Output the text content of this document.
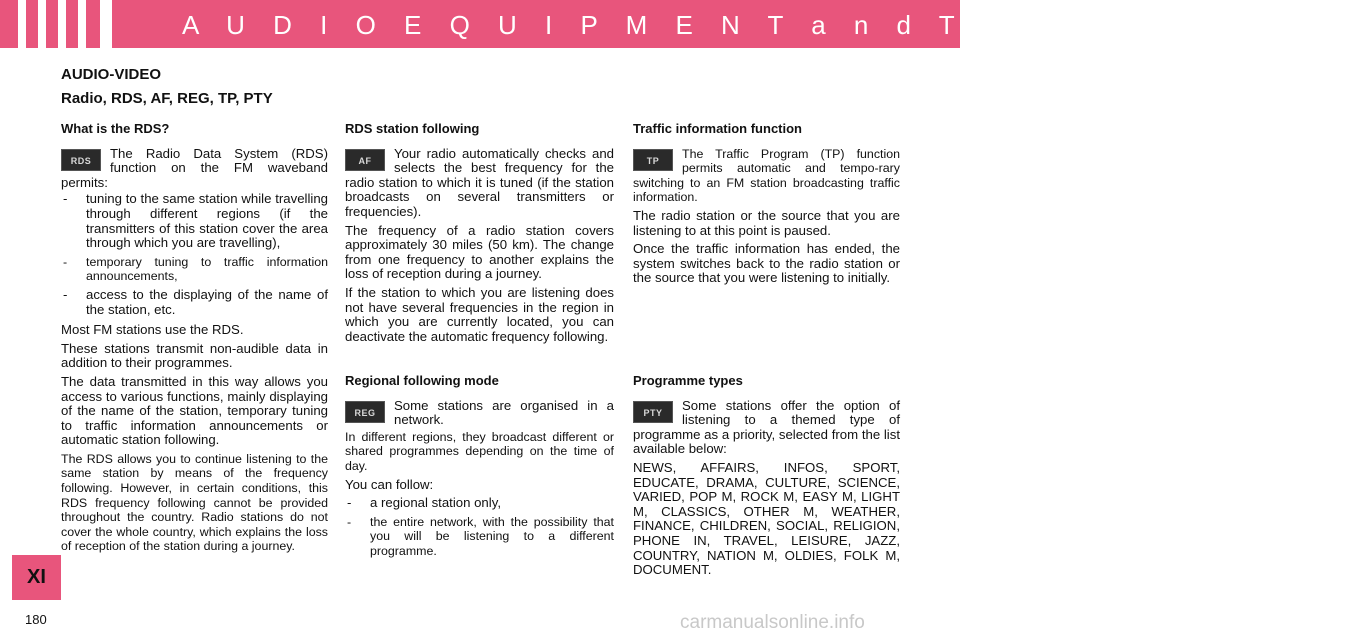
A U D I O E Q U I P M E N T a n d T E L E M A T I C S
AUDIO-VIDEO
Radio, RDS, AF, REG, TP, PTY
What is the RDS?

RDS	The Radio Data System (RDS) function on the FM waveband permits:

- tuning to the same station while travelling through different regions (if the transmitters of this station cover the area through which you are travelling),
- temporary tuning to traffic information announcements,
- access to the displaying of the name of the station, etc.

Most FM stations use the RDS.

These stations transmit non-audible data in addition to their programmes.

The data transmitted in this way allows you access to various functions, mainly displaying of the name of the station, temporary tuning to traffic information announcements or automatic station following.

The RDS allows you to continue listening to the same station by means of the frequency following. However, in certain conditions, this RDS frequency following cannot be provided throughout the country. Radio stations do not cover the whole country, which explains the loss of reception of the station during a journey.

RDS station following

AF	Your radio automatically checks and selects the best frequency for the radio station to which it is tuned (if the station broadcasts on several transmitters or frequencies).

The frequency of a radio station covers approximately 30 miles (50 km). The change from one frequency to another explains the loss of reception during a journey.

If the station to which you are listening does not have several frequencies in the region in which you are currently located, you can deactivate the automatic frequency following.

Regional following mode

REG	Some stations are organised in a network.

In different regions, they broadcast different or shared programmes depending on the time of day.

You can follow:

- a regional station only,
- the entire network, with the possibility that you will be listening to a different programme.
Traffic information function

TP	The Traffic Program (TP) function permits automatic and tempo-rary switching to an FM station broadcasting traffic information.

The radio station or the source that you are listening to at this point is paused.

Once the traffic information has ended, the system switches back to the radio station or the source that you were listening to initially.

Programme types

PTY	Some stations offer the option of listening to a themed type of programme as a priority, selected from the list available below:

NEWS, AFFAIRS, INFOS, SPORT, EDUCATE, DRAMA, CULTURE, SCIENCE, VARIED, POP M, ROCK M, EASY M, LIGHT M, CLASSICS, OTHER M, WEATHER, FINANCE, CHILDREN, SOCIAL, RELIGION, PHONE IN, TRAVEL, LEISURE, JAZZ, COUNTRY, NATION M, OLDIES, FOLK M, DOCUMENT.

XI
180	carmanualsonline.info
